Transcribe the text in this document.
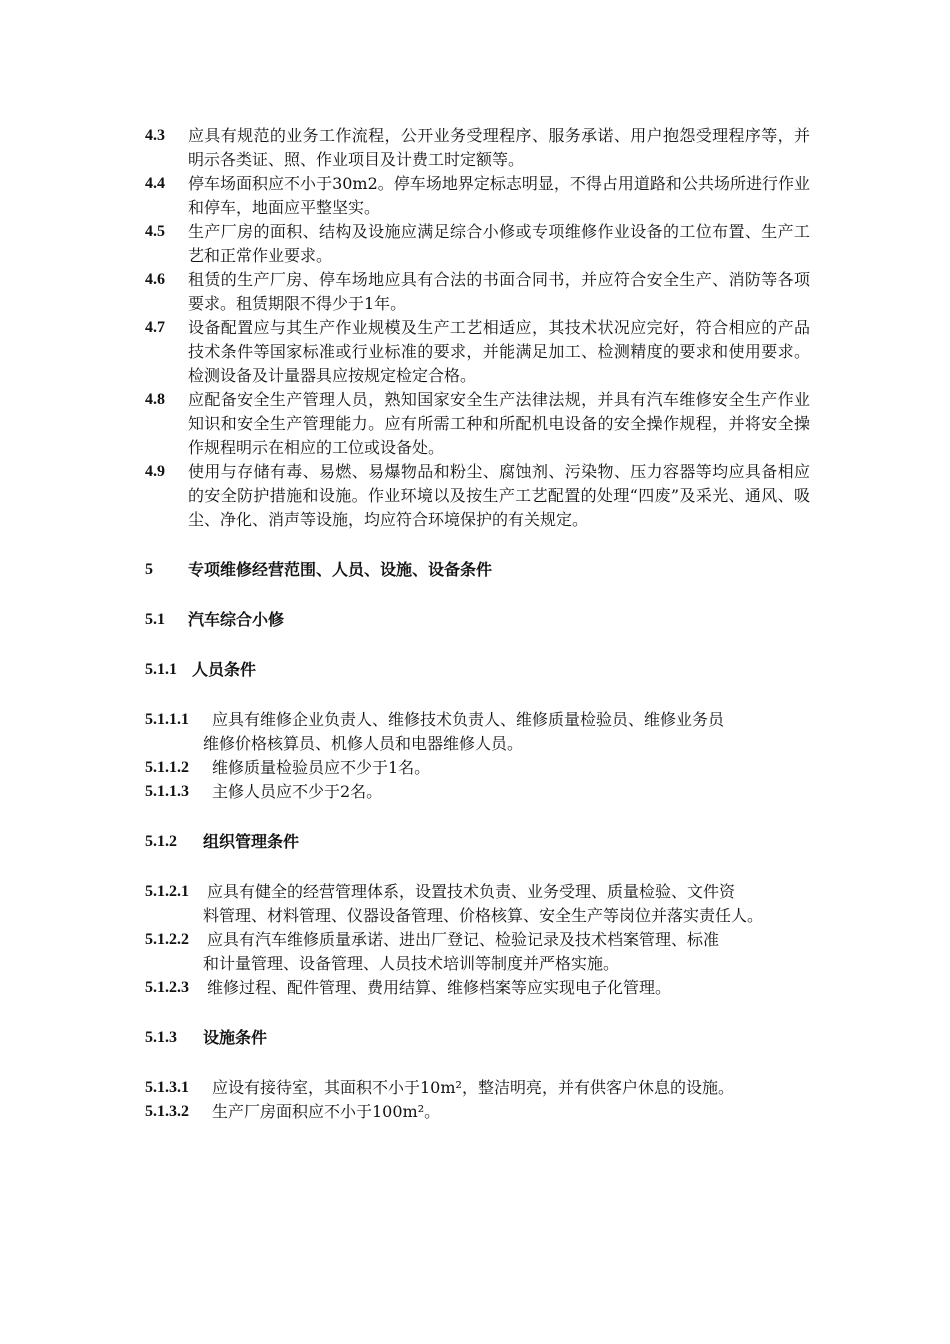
4.3	应具有规范的业务工作流程，公开业务受理程序、服务承诺、用户抱怨受理程序等，并明示各类证、照、作业项目及计费工时定额等。
4.4	停车场面积应不小于30m2。停车场地界定标志明显，不得占用道路和公共场所进行作业和停车，地面应平整坚实。
4.5	生产厂房的面积、结构及设施应满足综合小修或专项维修作业设备的工位布置、生产工艺和正常作业要求。
4.6	租赁的生产厂房、停车场地应具有合法的书面合同书，并应符合安全生产、消防等各项要求。租赁期限不得少于1年。
4.7	设备配置应与其生产作业规模及生产工艺相适应，其技术状况应完好，符合相应的产品技术条件等国家标准或行业标准的要求，并能满足加工、检测精度的要求和使用要求。检测设备及计量器具应按规定检定合格。
4.8	应配备安全生产管理人员，熟知国家安全生产法律法规，并具有汽车维修安全生产作业知识和安全生产管理能力。应有所需工种和所配机电设备的安全操作规程，并将安全操作规程明示在相应的工位或设备处。
4.9	使用与存储有毒、易燃、易爆物品和粉尘、腐蚀剂、污染物、压力容器等均应具备相应的安全防护措施和设施。作业环境以及按生产工艺配置的处理“四废”及采光、通风、吸尘、净化、消声等设施，均应符合环境保护的有关规定。
5 专项维修经营范围、人员、设施、设备条件
5.1 汽车综合小修
5.1.1 人员条件
5.1.1.1	应具有维修企业负责人、维修技术负责人、维修质量检验员、维修业务员
维修价格核算员、机修人员和电器维修人员。
5.1.1.2	维修质量检验员应不少于1名。
5.1.1.3	主修人员应不少于2名。
5.1.2 组织管理条件
5.1.2.1	应具有健全的经营管理体系，设置技术负责、业务受理、质量检验、文件资
料管理、材料管理、仪器设备管理、价格核算、安全生产等岗位并落实责任人。
5.1.2.2	应具有汽车维修质量承诺、进出厂登记、检验记录及技术档案管理、标准
和计量管理、设备管理、人员技术培训等制度并严格实施。
5.1.2.3	维修过程、配件管理、费用结算、维修档案等应实现电子化管理。
5.1.3 设施条件
5.1.3.1	应设有接待室，其面积不小于10m²，整洁明亮，并有供客户休息的设施。
5.1.3.2	生产厂房面积应不小于100m²。
